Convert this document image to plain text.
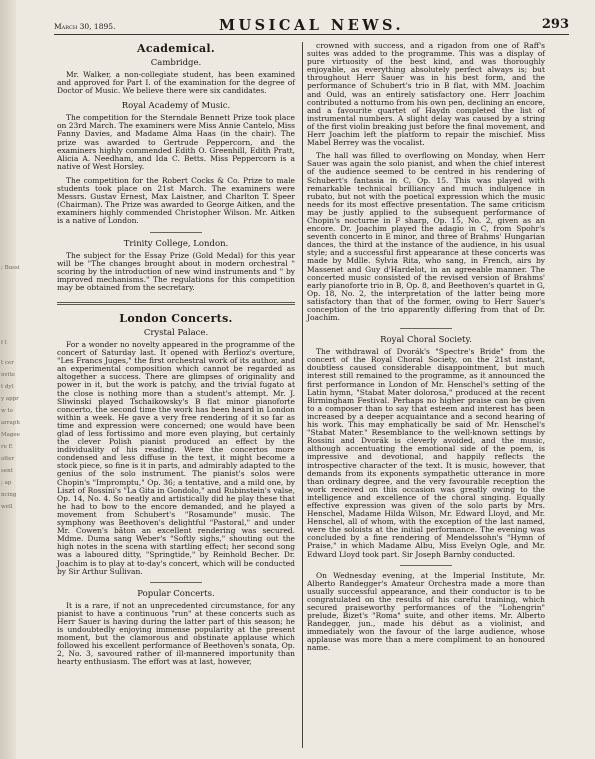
; Bussi
f I
t cer
nvite
t dyl
y appr
w to
arraph
Magee
re E
olter
sent
; ap
ncing
well
March 30, 1895.	MUSICAL NEWS.	293
Academical.
Cambridge.

Mr. Walker, a non-collegiate student, has been examined and approved for Part I. of the examination for the degree of Doctor of Music. We believe there were six candidates.

Royal Academy of Music.

The competition for the Sterndale Bennett Prize took place on 23rd March. The examiners were Miss Annie Cantelo, Miss Fanny Davies, and Madame Alma Haas (in the chair). The prize was awarded to Gertrude Peppercorn, and the examiners highly commended Edith O. Greenhill, Edith Pratt, Alicia A. Needham, and Ida C. Betts. Miss Peppercorn is a native of West Horsley.

The competition for the Robert Cocks & Co. Prize to male students took place on 21st March. The examiners were Messrs. Gustav Ernest, Max Laistner, and Charlton T. Speer (Chairman). The Prize was awarded to George Aitken, and the examiners highly commended Christopher Wilson. Mr. Aitken is a native of London.

Trinity College, London.

The subject for the Essay Prize (Gold Medal) for this year will be "The changes brought about in modern orchestral " scoring by the introduction of new wind instruments and " by improved mechanisms." The regulations for this competition may be obtained from the secretary.

London Concerts.
Crystal Palace.

For a wonder no novelty appeared in the programme of the concert of Saturday last. It opened with Berlioz's overture, "Les Francs Juges," the first orchestral work of its author, and an experimental composition which cannot be regarded as altogether a success. There are glimpses of originality and power in it, but the work is patchy, and the trivial fugato at the close is nothing more than a student's attempt. Mr. J. Sliwinski played Tschaikowsky's B flat minor pianoforte concerto, the second time the work has been heard in London within a week. He gave a very free rendering of it so far as time and expression were concerned; one would have been glad of less fortissimo and more even playing, but certainly the clever Polish pianist produced an effect by the individuality of his reading. Were the concertos more condensed and less diffuse in the text, it might become a stock piece, so fine is it in parts, and admirably adapted to the genius of the solo instrument. The pianist's solos were Chopin's "Impromptu," Op. 36; a tentative, and a mild one, by Liszt of Rossini's "La Gita in Gondolo," and Rubinstein's valse, Op. 14, No. 4. So neatly and artistically did he play these that he had to bow to the encore demanded, and he played a movement from Schubert's "Rosamunde" music. The symphony was Beethoven's delightful "Pastoral," and under Mr. Cowen's bâton an excellent rendering was secured. Mdme. Duma sang Weber's "Softly sighs," shouting out the high notes in the scena with startling effect; her second song was a laboured ditty, "Springtide," by Reinhold Becher. Dr. Joachim is to play at to-day's concert, which will be conducted by Sir Arthur Sullivan.

Popular Concerts.

It is a rare, if not an unprecedented circumstance, for any pianist to have a continuous "run" at these concerts such as Herr Sauer is having during the latter part of this season; he is undoubtedly enjoying immense popularity at the present moment, but the clamorous and obstinate applause which followed his excellent performance of Beethoven's sonata, Op. 2, No. 3, savoured rather of ill-mannered importunity than hearty enthusiasm. The effort was at last, however,

crowned with success, and a rigadon from one of Raff's suites was added to the programme. This was a display of pure virtuosity of the best kind, and was thoroughly enjoyable, as everything absolutely perfect always is; but throughout Herr Sauer was in his best form, and the performance of Schubert's trio in B flat, with MM. Joachim and Ould, was an entirely satisfactory one. Herr Joachim contributed a notturno from his own pen, declining an encore, and a favourite quartet of Haydn completed the list of instrumental numbers. A slight delay was caused by a string of the first violin breaking just before the final movement, and Herr Joachim left the platform to repair the mischief. Miss Mabel Berrey was the vocalist.

The hall was filled to overflowing on Monday, when Herr Sauer was again the solo pianist, and when the chief interest of the audience seemed to be centred in his rendering of Schubert's fantasia in C, Op. 15. This was played with remarkable technical brilliancy and much indulgence in rubato, but not with the poetical expression which the music needs for its most effective presentation. The same criticism may be justly applied to the subsequent performance of Chopin's nocturne in F sharp, Op. 15, No. 2, given as an encore. Dr. Joachim played the adagio in C, from Spohr's seventh concerto in E minor, and three of Brahms' Hungarian dances, the third at the instance of the audience, in his usual style; and a successful first appearance at these concerts was made by Mdlle. Sylvia Rita, who sang, in French, airs by Massenet and Guy d'Hardelot, in an agreeable manner. The concerted music consisted of the revised version of Brahms' early pianoforte trio in B, Op. 8, and Beethoven's quartet in G, Op. 18, No. 2, the interpretation of the latter being more satisfactory than that of the former, owing to Herr Sauer's conception of the trio apparently differing from that of Dr. Joachim.

Royal Choral Society.

The withdrawal of Dvorák's "Spectre's Bride" from the concert of the Royal Choral Society, on the 21st instant, doubtless caused considerable disappointment, but much interest still remained to the programme, as it announced the first performance in London of Mr. Henschel's setting of the Latin hymn, "Stabat Mater dolorosa," produced at the recent Birmingham Festival. Perhaps no higher praise can be given to a composer than to say that esteem and interest has been increased by a deeper acquaintance and a second hearing of his work. This may emphatically be said of Mr. Henschel's "Stabat Mater." Resemblance to the well-known settings by Rossini and Dvorák is cleverly avoided, and the music, although accentuating the emotional side of the poem, is impressive and devotional, and happily reflects the introspective character of the text. It is music, however, that demands from its exponents sympathetic utterance in more than ordinary degree, and the very favourable reception the work received on this occasion was greatly owing to the intelligence and excellence of the choral singing. Equally effective expression was given of the solo parts by Mrs. Henschel, Madame Hilda Wilson, Mr. Edward Lloyd, and Mr. Henschel, all of whom, with the exception of the last named, were the soloists at the initial performance. The evening was concluded by a fine rendering of Mendelssohn's "Hymn of Praise," in which Madame Albu, Miss Evelyn Ogle, and Mr. Edward Lloyd took part. Sir Joseph Barnby conducted.

On Wednesday evening, at the Imperial Institute, Mr. Alberto Randegger's Amateur Orchestra made a more than usually successful appearance, and their conductor is to be congratulated on the results of his careful training, which secured praiseworthy performances of the "Lohengrin" prelude, Bizet's "Roma" suite, and other items. Mr. Alberto Randegger, jun., made his début as a violinist, and immediately won the favour of the large audience, whose applause was more than a mere compliment to an honoured name.
